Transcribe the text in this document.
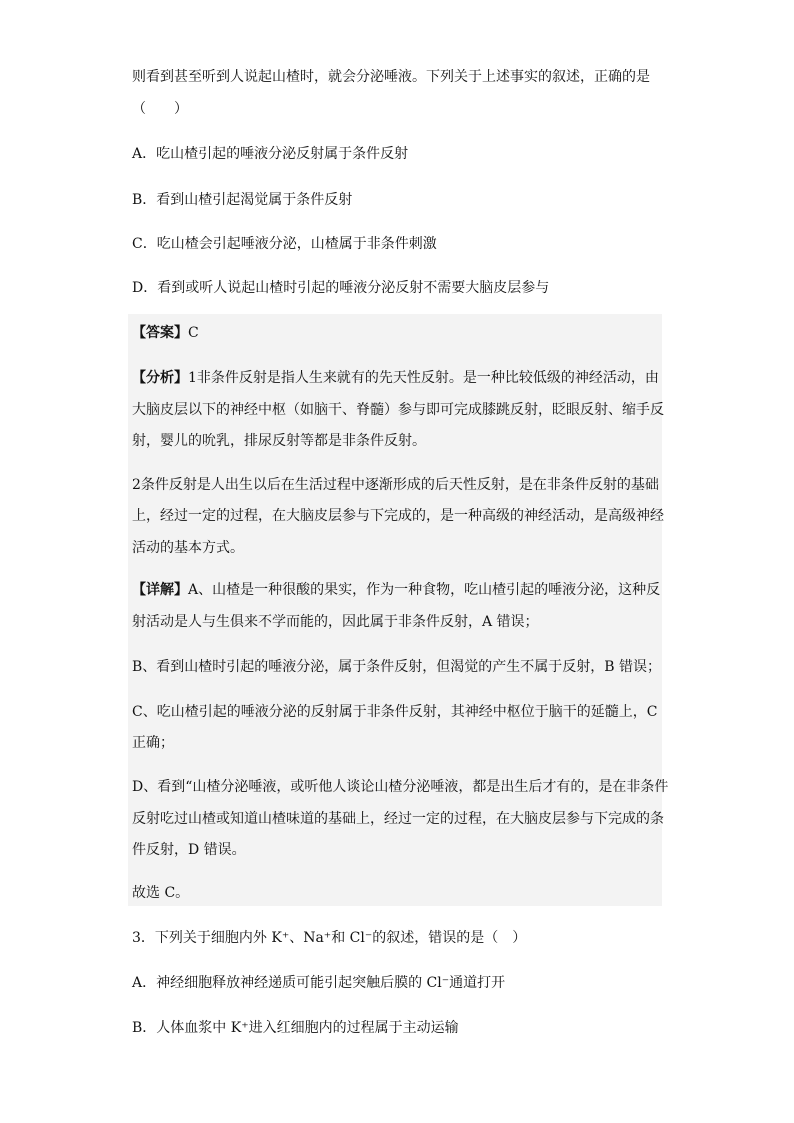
则看到甚至听到人说起山楂时，就会分泌唾液。下列关于上述事实的叙述，正确的是
（　　）
A．吃山楂引起的唾液分泌反射属于条件反射
B．看到山楂引起渴觉属于条件反射
C．吃山楂会引起唾液分泌，山楂属于非条件刺激
D．看到或听人说起山楂时引起的唾液分泌反射不需要大脑皮层参与
【答案】C
【分析】1非条件反射是指人生来就有的先天性反射。是一种比较低级的神经活动，由
大脑皮层以下的神经中枢（如脑干、脊髓）参与即可完成膝跳反射，眨眼反射、缩手反
射，婴儿的吮乳，排尿反射等都是非条件反射。
2条件反射是人出生以后在生活过程中逐渐形成的后天性反射，是在非条件反射的基础
上，经过一定的过程，在大脑皮层参与下完成的，是一种高级的神经活动，是高级神经
活动的基本方式。
【详解】A、山楂是一种很酸的果实，作为一种食物，吃山楂引起的唾液分泌，这种反
射活动是人与生俱来不学而能的，因此属于非条件反射，A 错误；
B、看到山楂时引起的唾液分泌，属于条件反射，但渴觉的产生不属于反射，B 错误；
C、吃山楂引起的唾液分泌的反射属于非条件反射，其神经中枢位于脑干的延髓上，C
正确；
D、看到“山楂分泌唾液，或听他人谈论山楂分泌唾液，都是出生后才有的，是在非条件
反射吃过山楂或知道山楂味道的基础上，经过一定的过程，在大脑皮层参与下完成的条
件反射，D 错误。
故选 C。
3．下列关于细胞内外 K⁺、Na⁺和 Cl⁻的叙述，错误的是（　）
A．神经细胞释放神经递质可能引起突触后膜的 Cl⁻通道打开
B．人体血浆中 K⁺进入红细胞内的过程属于主动运输
